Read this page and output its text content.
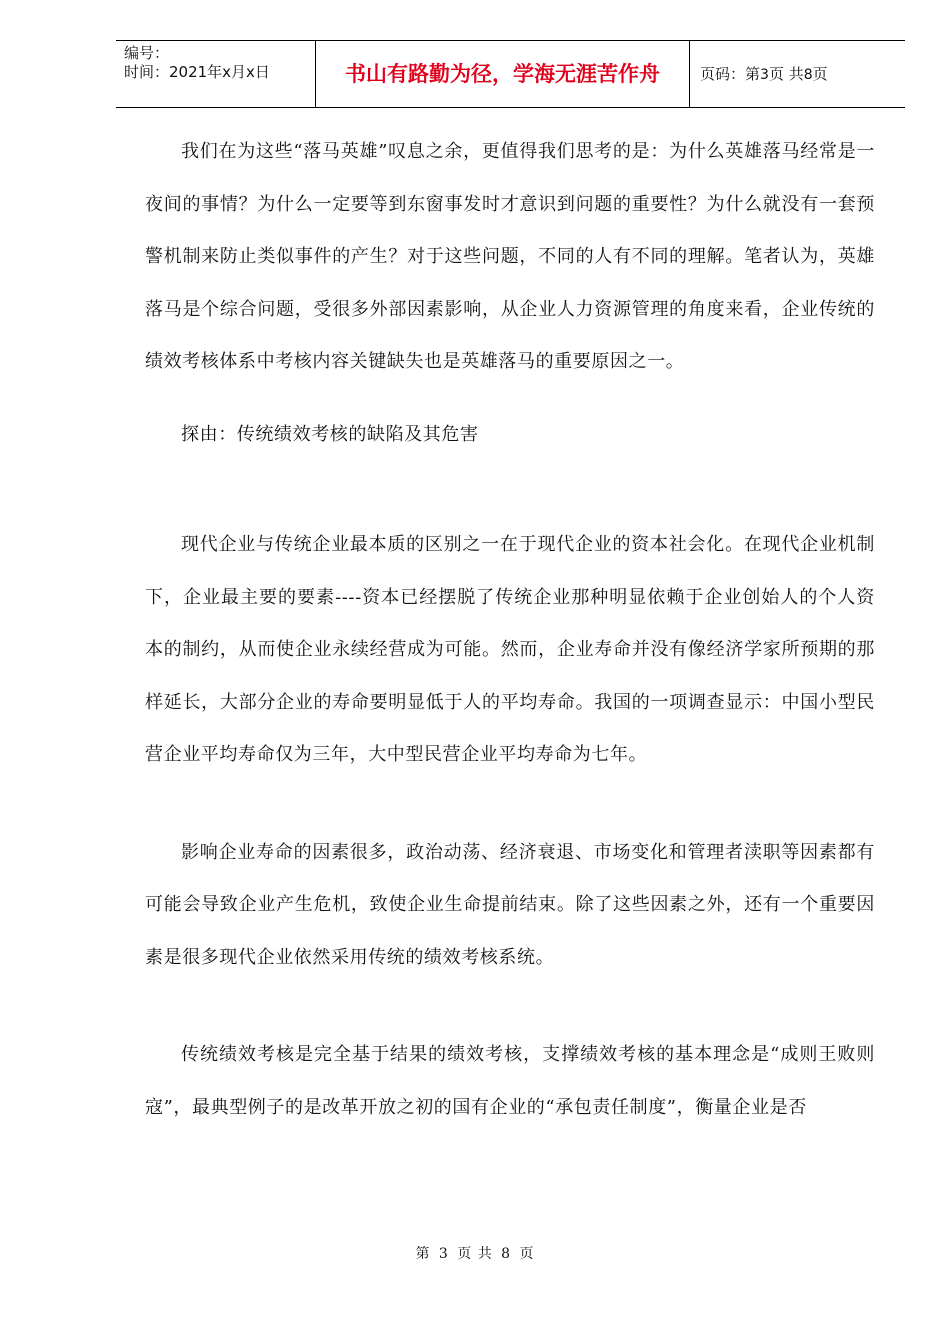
编号：
时间：2021年x月x日	书山有路勤为径，学海无涯苦作舟	页码：第3页 共8页

我们在为这些“落马英雄”叹息之余，更值得我们思考的是：为什么英雄落马经常是一夜间的事情？为什么一定要等到东窗事发时才意识到问题的重要性？为什么就没有一套预警机制来防止类似事件的产生？对于这些问题，不同的人有不同的理解。笔者认为，英雄落马是个综合问题，受很多外部因素影响，从企业人力资源管理的角度来看，企业传统的绩效考核体系中考核内容关键缺失也是英雄落马的重要原因之一。

探由：传统绩效考核的缺陷及其危害

现代企业与传统企业最本质的区别之一在于现代企业的资本社会化。在现代企业机制下，企业最主要的要素----资本已经摆脱了传统企业那种明显依赖于企业创始人的个人资本的制约，从而使企业永续经营成为可能。然而，企业寿命并没有像经济学家所预期的那样延长，大部分企业的寿命要明显低于人的平均寿命。我国的一项调查显示：中国小型民营企业平均寿命仅为三年，大中型民营企业平均寿命为七年。

影响企业寿命的因素很多，政治动荡、经济衰退、市场变化和管理者渎职等因素都有可能会导致企业产生危机，致使企业生命提前结束。除了这些因素之外，还有一个重要因素是很多现代企业依然采用传统的绩效考核系统。

传统绩效考核是完全基于结果的绩效考核，支撑绩效考核的基本理念是“成则王败则寇”，最典型例子的是改革开放之初的国有企业的“承包责任制度”，衡量企业是否

第 3 页 共 8 页
